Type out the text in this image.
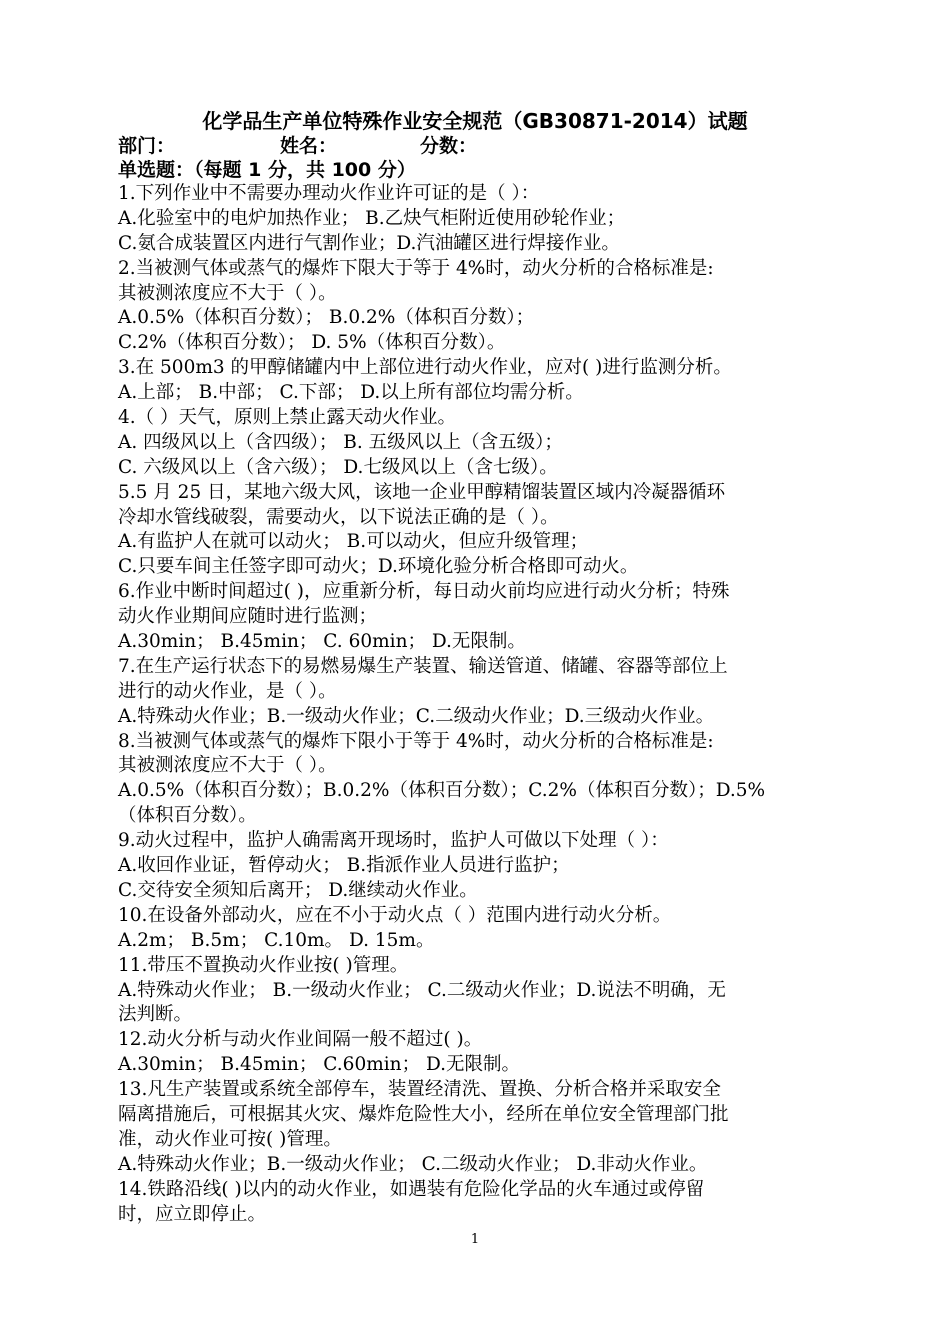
化学品生产单位特殊作业安全规范（GB30871-2014）试题
部门：	姓名：	分数：
单选题：（每题 1 分，共 100 分）
1.下列作业中不需要办理动火作业许可证的是（ ）：
A.化验室中的电炉加热作业； B.乙炔气柜附近使用砂轮作业；
C.氨合成装置区内进行气割作业；D.汽油罐区进行焊接作业。
2.当被测气体或蒸气的爆炸下限大于等于 4%时，动火分析的合格标准是:
其被测浓度应不大于（ ）。
A.0.5%（体积百分数）； B.0.2%（体积百分数）；
C.2%（体积百分数）； D. 5%（体积百分数）。
3.在 500m3 的甲醇储罐内中上部位进行动火作业，应对( )进行监测分析。
A.上部； B.中部； C.下部； D.以上所有部位均需分析。
4.（ ）天气，原则上禁止露天动火作业。
A. 四级风以上（含四级）； B. 五级风以上（含五级）；
C. 六级风以上（含六级）； D.七级风以上（含七级）。
5.5 月 25 日，某地六级大风，该地一企业甲醇精馏装置区域内冷凝器循环
冷却水管线破裂，需要动火，以下说法正确的是（ ）。
A.有监护人在就可以动火； B.可以动火，但应升级管理；
C.只要车间主任签字即可动火；D.环境化验分析合格即可动火。
6.作业中断时间超过( )，应重新分析，每日动火前均应进行动火分析；特殊
动火作业期间应随时进行监测；
A.30min； B.45min； C. 60min； D.无限制。
7.在生产运行状态下的易燃易爆生产装置、输送管道、储罐、容器等部位上
进行的动火作业，是（ ）。
A.特殊动火作业；B.一级动火作业；C.二级动火作业；D.三级动火作业。
8.当被测气体或蒸气的爆炸下限小于等于 4%时，动火分析的合格标准是:
其被测浓度应不大于（ ）。
A.0.5%（体积百分数）；B.0.2%（体积百分数）；C.2%（体积百分数）；D.5%
（体积百分数）。
9.动火过程中，监护人确需离开现场时，监护人可做以下处理（ ）：
A.收回作业证，暂停动火； B.指派作业人员进行监护；
C.交待安全须知后离开； D.继续动火作业。
10.在设备外部动火，应在不小于动火点（ ）范围内进行动火分析。
A.2m； B.5m； C.10m。 D. 15m。
11.带压不置换动火作业按( )管理。
A.特殊动火作业； B.一级动火作业； C.二级动火作业；D.说法不明确，无
法判断。
12.动火分析与动火作业间隔一般不超过( )。
A.30min； B.45min； C.60min； D.无限制。
13.凡生产装置或系统全部停车，装置经清洗、置换、分析合格并采取安全
隔离措施后，可根据其火灾、爆炸危险性大小，经所在单位安全管理部门批
准，动火作业可按( )管理。
A.特殊动火作业；B.一级动火作业； C.二级动火作业； D.非动火作业。
14.铁路沿线( )以内的动火作业，如遇装有危险化学品的火车通过或停留
时，应立即停止。
1
